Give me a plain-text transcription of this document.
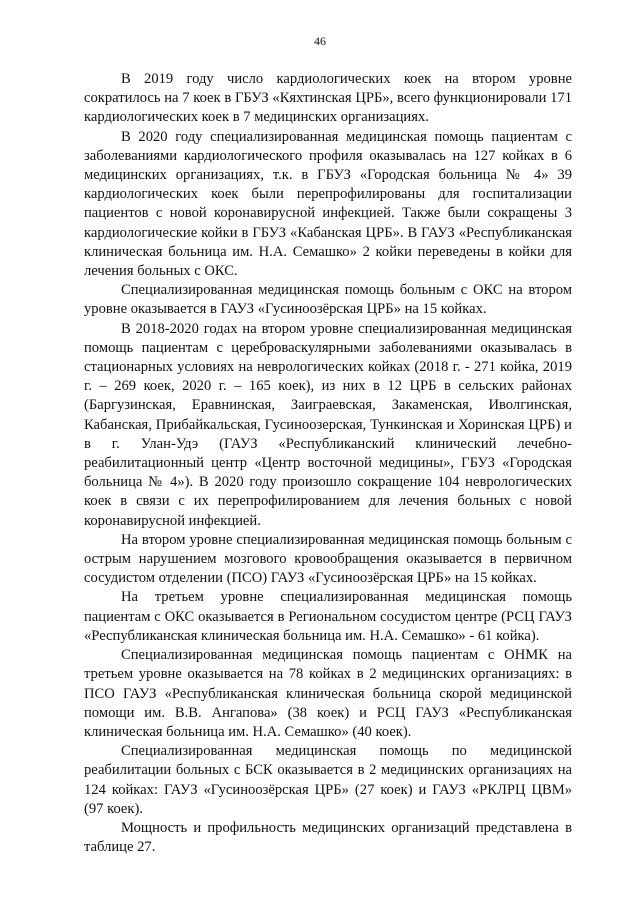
46

В 2019 году число кардиологических коек на втором уровне сократилось на 7 коек в ГБУЗ «Кяхтинская ЦРБ», всего функционировали 171 кардиологических коек в 7 медицинских организациях.

В 2020 году специализированная медицинская помощь пациентам с заболеваниями кардиологического профиля оказывалась на 127 койках в 6 медицинских организациях, т.к. в ГБУЗ «Городская больница № 4» 39 кардиологических коек были перепрофилированы для госпитализации пациентов с новой коронавирусной инфекцией. Также были сокращены 3 кардиологические койки в ГБУЗ «Кабанская ЦРБ». В ГАУЗ «Республиканская клиническая больница им. Н.А. Семашко» 2 койки переведены в койки для лечения больных с ОКС.

Специализированная медицинская помощь больным с ОКС на втором уровне оказывается в ГАУЗ «Гусиноозёрская ЦРБ» на 15 койках.

В 2018-2020 годах на втором уровне специализированная медицинская помощь пациентам с цереброваскулярными заболеваниями оказывалась в стационарных условиях на неврологических койках (2018 г. - 271 койка, 2019 г. – 269 коек, 2020 г. – 165 коек), из них в 12 ЦРБ в сельских районах (Баргузинская, Еравнинская, Заиграевская, Закаменская, Иволгинская, Кабанская, Прибайкальская, Гусиноозерская, Тункинская и Хоринская ЦРБ) и в г. Улан-Удэ (ГАУЗ «Республиканский клинический лечебно-реабилитационный центр «Центр восточной медицины», ГБУЗ «Городская больница № 4»). В 2020 году произошло сокращение 104 неврологических коек в связи с их перепрофилированием для лечения больных с новой коронавирусной инфекцией.

На втором уровне специализированная медицинская помощь больным с острым нарушением мозгового кровообращения оказывается в первичном сосудистом отделении (ПСО) ГАУЗ «Гусиноозёрская ЦРБ» на 15 койках.

На третьем уровне специализированная медицинская помощь пациентам с ОКС оказывается в Региональном сосудистом центре (РСЦ ГАУЗ «Республиканская клиническая больница им. Н.А. Семашко» - 61 койка).

Специализированная медицинская помощь пациентам с ОНМК на третьем уровне оказывается на 78 койках в 2 медицинских организациях: в ПСО ГАУЗ «Республиканская клиническая больница скорой медицинской помощи им. В.В. Ангапова» (38 коек) и РСЦ ГАУЗ «Республиканская клиническая больница им. Н.А. Семашко» (40 коек).

Специализированная медицинская помощь по медицинской реабилитации больных с БСК оказывается в 2 медицинских организациях на 124 койках: ГАУЗ «Гусиноозёрская ЦРБ» (27 коек) и ГАУЗ «РКЛРЦ ЦВМ» (97 коек).

Мощность и профильность медицинских организаций представлена в таблице 27.
